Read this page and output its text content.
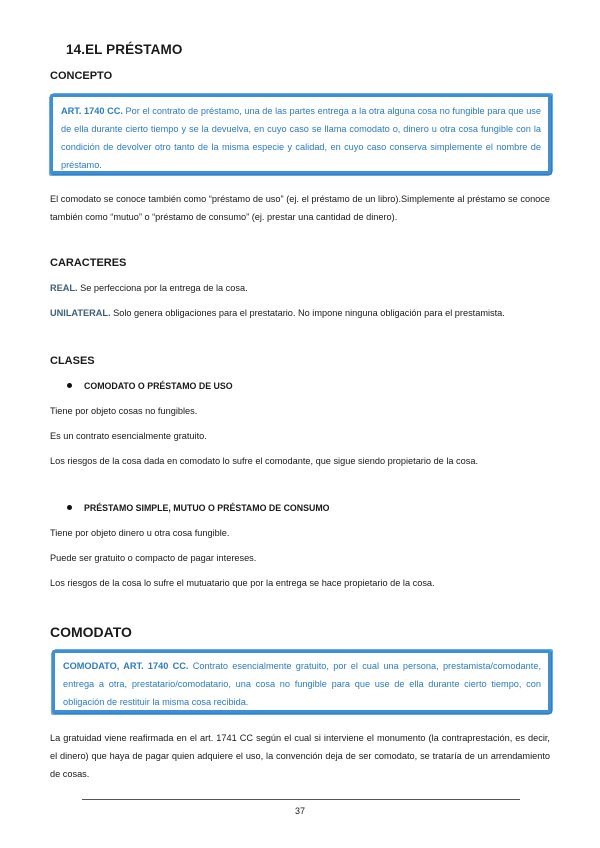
14.EL PRÉSTAMO
CONCEPTO
ART. 1740 CC. Por el contrato de préstamo, una de las partes entrega a la otra alguna cosa no fungible para que use de ella durante cierto tiempo y se la devuelva, en cuyo caso se llama comodato o, dinero u otra cosa fungible con la condición de devolver otro tanto de la misma especie y calidad, en cuyo caso conserva simplemente el nombre de préstamo.
El comodato se conoce también como “préstamo de uso” (ej. el préstamo de un libro).Simplemente al préstamo se conoce también como “mutuo” o “préstamo de consumo” (ej. prestar una cantidad de dinero).
CARACTERES
REAL. Se perfecciona por la entrega de la cosa.
UNILATERAL. Solo genera obligaciones para el prestatario. No impone ninguna obligación para el prestamista.
CLASES
COMODATO O PRÉSTAMO DE USO
Tiene por objeto cosas no fungibles.
Es un contrato esencialmente gratuito.
Los riesgos de la cosa dada en comodato lo sufre el comodante, que sigue siendo propietario de la cosa.
PRÉSTAMO SIMPLE, MUTUO O PRÉSTAMO DE CONSUMO
Tiene por objeto dinero u otra cosa fungible.
Puede ser gratuito o compacto de pagar intereses.
Los riesgos de la cosa lo sufre el mutuatario que por la entrega se hace propietario de la cosa.
COMODATO
COMODATO, ART. 1740 CC. Contrato esencialmente gratuito, por el cual una persona, prestamista/comodante, entrega a otra, prestatario/comodatario, una cosa no fungible para que use de ella durante cierto tiempo, con obligación de restituir la misma cosa recibida.
La gratuidad viene reafirmada en el art. 1741 CC según el cual si interviene el monumento (la contraprestación, es decir, el dinero) que haya de pagar quien adquiere el uso, la convención deja de ser comodato, se trataría de un arrendamiento de cosas.
37
